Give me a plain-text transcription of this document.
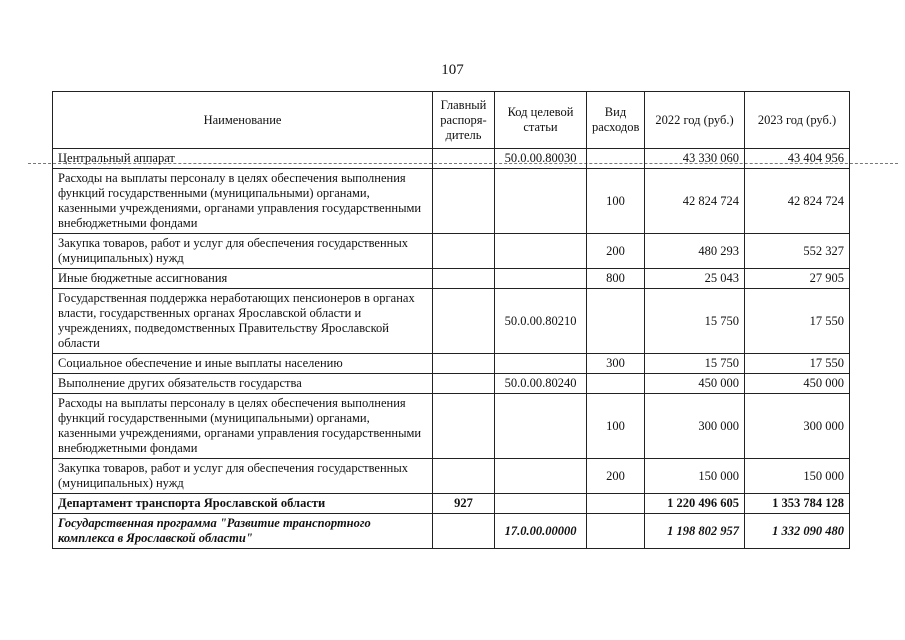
107
Наименование	Главный распоря-дитель	Код целевой статьи	Вид расходов	2022 год (руб.)	2023 год (руб.)
Центральный аппарат		50.0.00.80030		43 330 060	43 404 956
Расходы на выплаты персоналу в целях обеспечения выполнения функций государственными (муниципальными) органами, казенными учреждениями, органами управления государственными внебюджетными фондами			100	42 824 724	42 824 724
Закупка товаров, работ и услуг для обеспечения государственных (муниципальных) нужд			200	480 293	552 327
Иные бюджетные ассигнования			800	25 043	27 905
Государственная поддержка неработающих пенсионеров в органах власти, государственных органах Ярославской области и учреждениях, подведомственных Правительству Ярославской области		50.0.00.80210		15 750	17 550
Социальное обеспечение и иные выплаты населению			300	15 750	17 550
Выполнение других обязательств государства		50.0.00.80240		450 000	450 000
Расходы на выплаты персоналу в целях обеспечения выполнения функций государственными (муниципальными) органами, казенными учреждениями, органами управления государственными внебюджетными фондами			100	300 000	300 000
Закупка товаров, работ и услуг для обеспечения государственных (муниципальных) нужд			200	150 000	150 000
Департамент транспорта Ярославской области	927			1 220 496 605	1 353 784 128
Государственная программа "Развитие транспортного комплекса в Ярославской области"		17.0.00.00000		1 198 802 957	1 332 090 480
